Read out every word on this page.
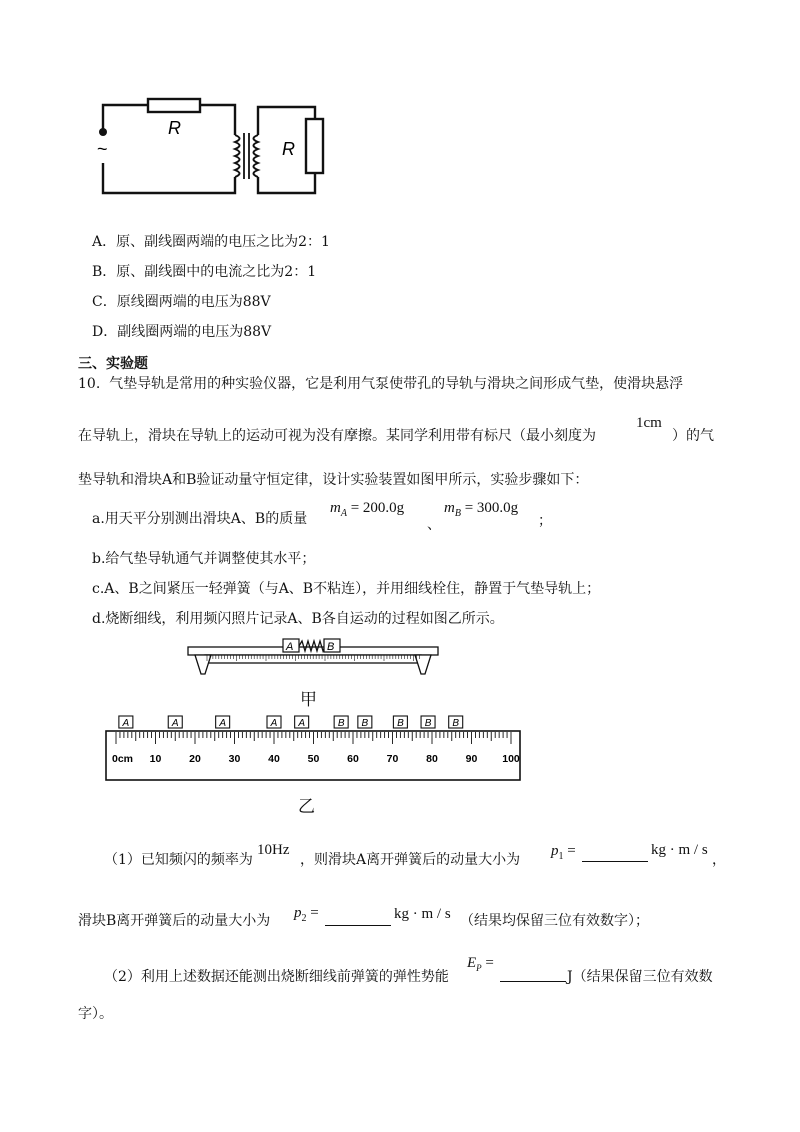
~
R
R
A．原、副线圈两端的电压之比为2：1
B．原、副线圈中的电流之比为2：1
C．原线圈两端的电压为88V
D．副线圈两端的电压为88V
三、实验题
10. 气垫导轨是常用的种实验仪器，它是利用气泵使带孔的导轨与滑块之间形成气垫，使滑块悬浮
在导轨上，滑块在导轨上的运动可视为没有摩擦。某同学利用带有标尺（最小刻度为
1cm
）的气
垫导轨和滑块A和B验证动量守恒定律，设计实验装置如图甲所示，实验步骤如下：
a.用天平分别测出滑块A、B的质量
$m_A = 200.0g$
、
$m_B = 300.0g$
；
b.给气垫导轨通气并调整使其水平；
c.A、B之间紧压一轻弹簧（与A、B不粘连），并用细线栓住，静置于气垫导轨上；
d.烧断细线，利用频闪照片记录A、B各自运动的过程如图乙所示。
A	B
甲
0cm 10	20	30	40	50	60	70	80	90 100
A	A	A	A A	B B	B B B
乙
（1）已知频闪的频率为
10Hz
，则滑块A离开弹簧后的动量大小为
$p_1$ =	kg · m / s
，
滑块B离开弹簧后的动量大小为 $p_2$ =	kg · m / s （结果均保留三位有效数字）；
（2）利用上述数据还能测出烧断细线前弹簧的弹性势能
$E_P$ =
J（结果保留三位有效数
字）。
